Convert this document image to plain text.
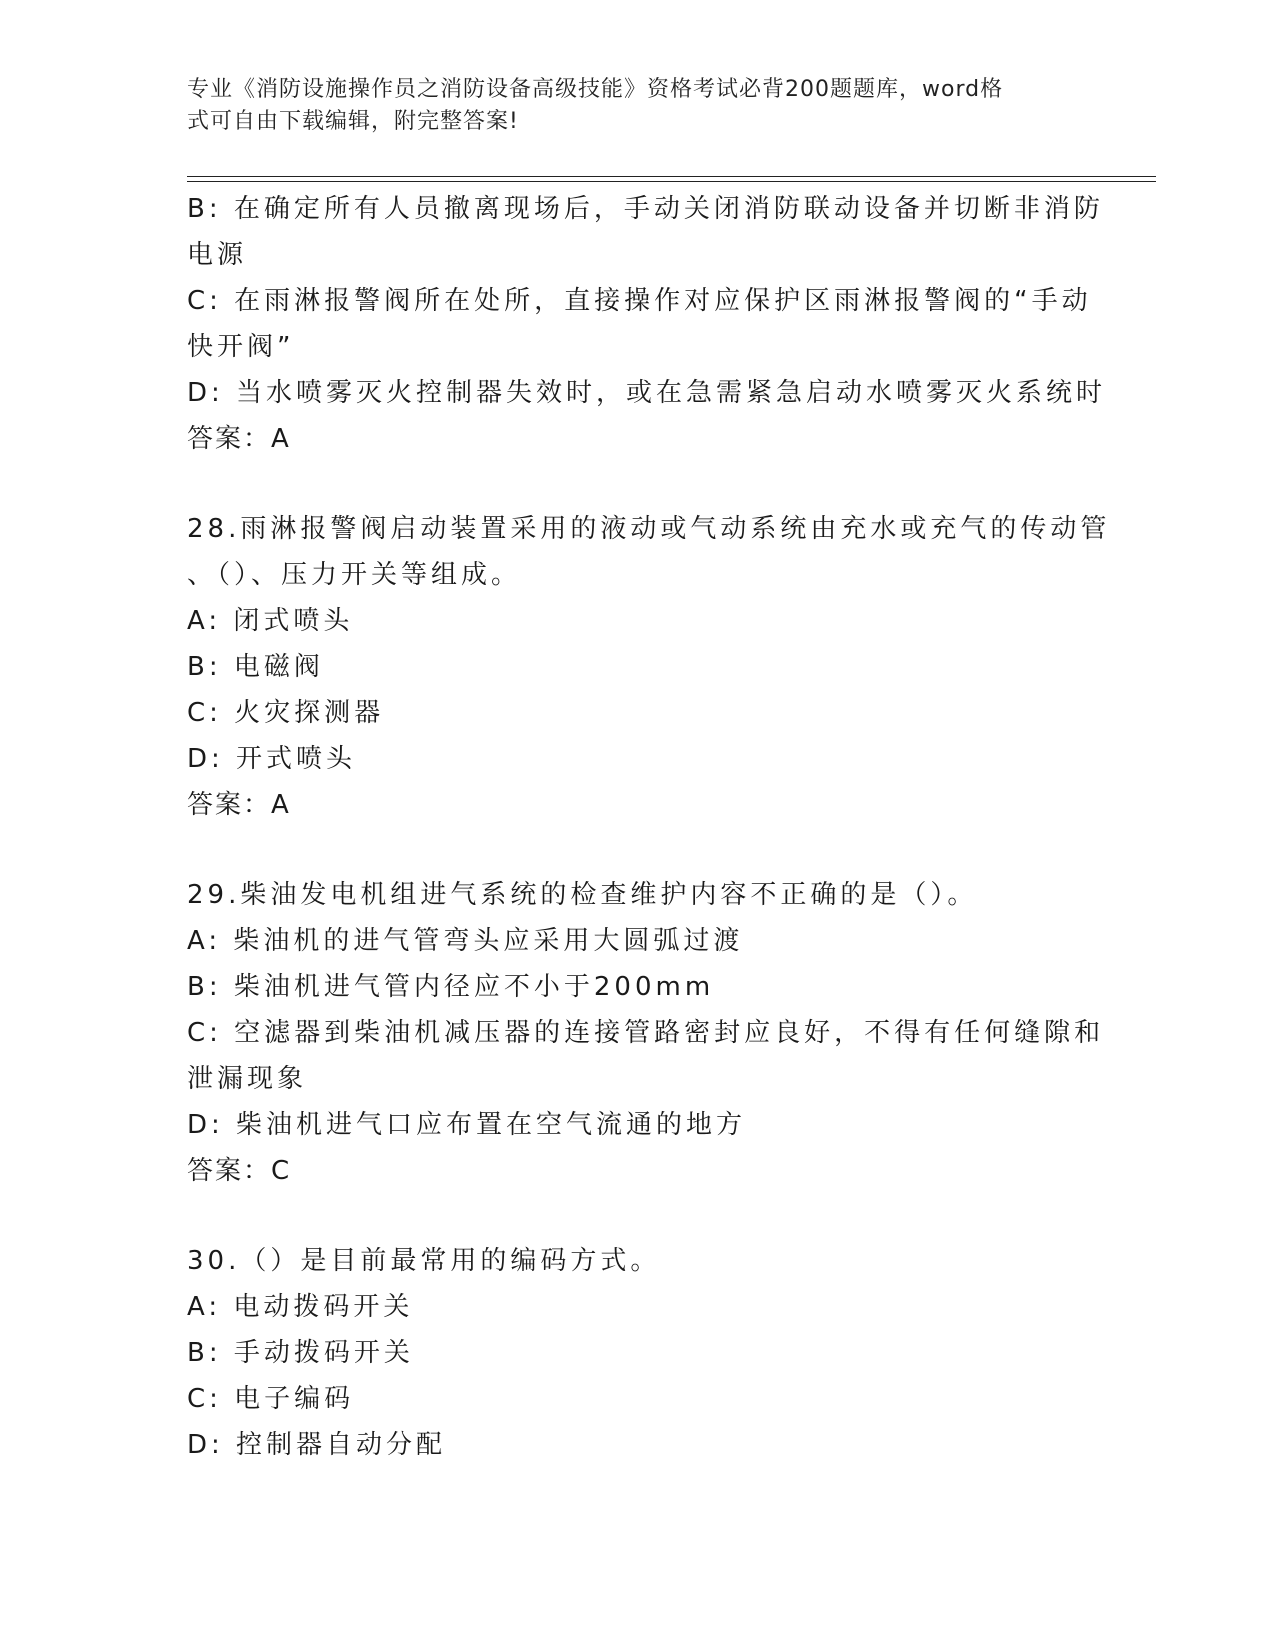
专业《消防设施操作员之消防设备高级技能》资格考试必背200题题库，word格
式可自由下载编辑，附完整答案!
B: 在确定所有人员撤离现场后，手动关闭消防联动设备并切断非消防
电源
C: 在雨淋报警阀所在处所，直接操作对应保护区雨淋报警阀的“手动
快开阀”
D: 当水喷雾灭火控制器失效时，或在急需紧急启动水喷雾灭火系统时
答案：A
28.雨淋报警阀启动装置采用的液动或气动系统由充水或充气的传动管
、（）、压力开关等组成。
A: 闭式喷头
B: 电磁阀
C: 火灾探测器
D: 开式喷头
答案：A
29.柴油发电机组进气系统的检查维护内容不正确的是（）。
A: 柴油机的进气管弯头应采用大圆弧过渡
B: 柴油机进气管内径应不小于200mm
C: 空滤器到柴油机减压器的连接管路密封应良好，不得有任何缝隙和
泄漏现象
D: 柴油机进气口应布置在空气流通的地方
答案：C
30.（）是目前最常用的编码方式。
A: 电动拨码开关
B: 手动拨码开关
C: 电子编码
D: 控制器自动分配
